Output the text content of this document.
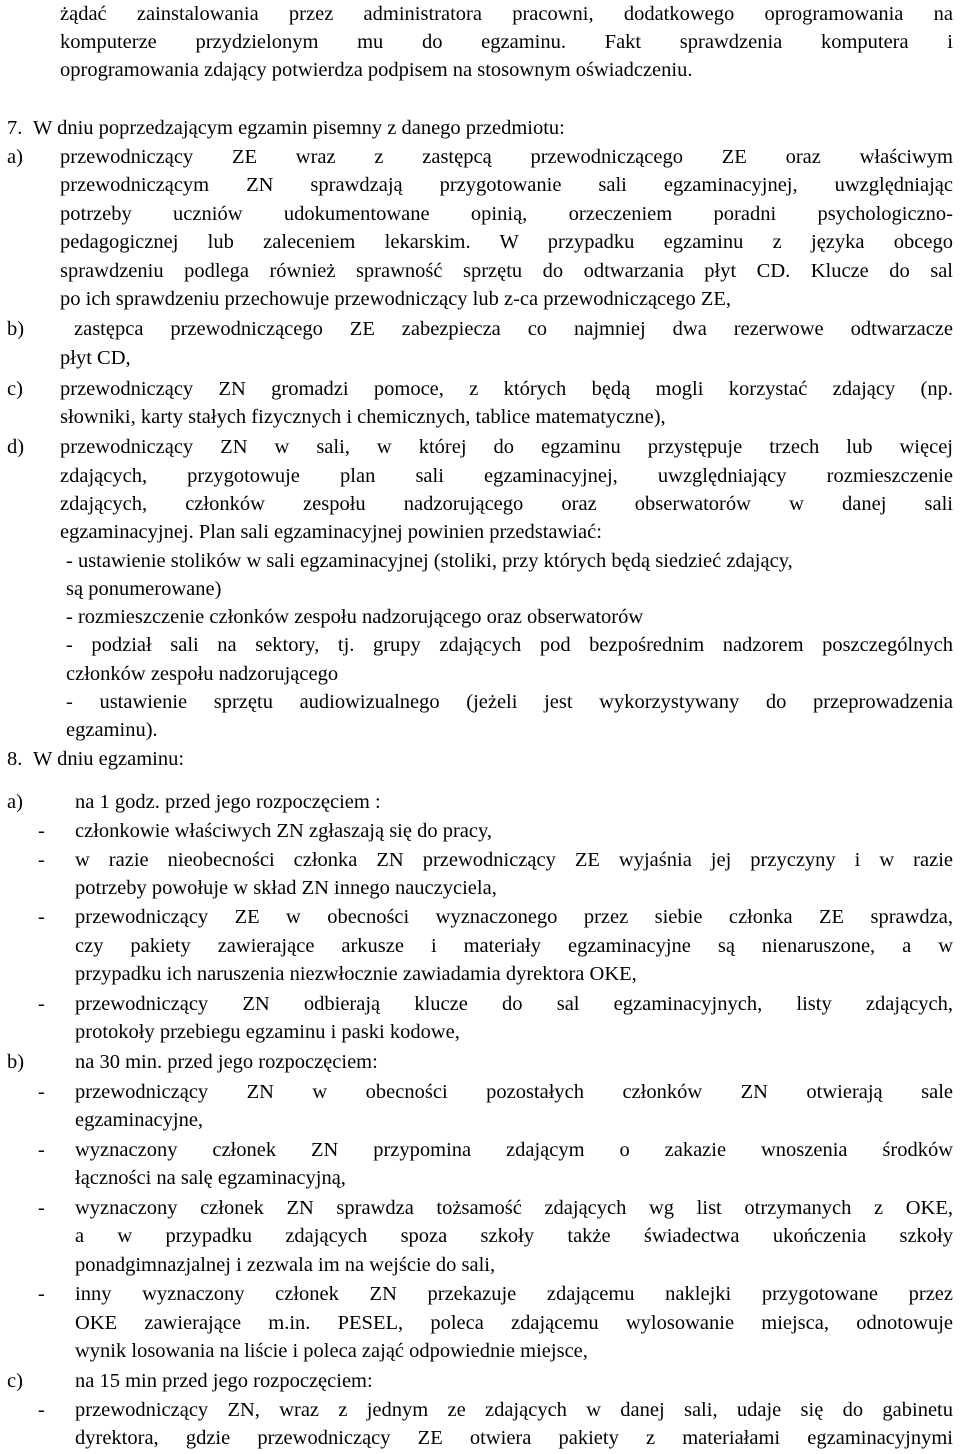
żądać zainstalowania przez administratora pracowni, dodatkowego oprogramowania na
komputerze przydzielonym mu do egzaminu. Fakt sprawdzenia komputera i
oprogramowania zdający potwierdza podpisem na stosownym oświadczeniu.
7. W dniu poprzedzającym egzamin pisemny z danego przedmiotu:
a) przewodniczący ZE wraz z zastępcą przewodniczącego ZE oraz właściwym
przewodniczącym ZN sprawdzają przygotowanie sali egzaminacyjnej, uwzględniając
potrzeby uczniów udokumentowane opinią, orzeczeniem poradni psychologiczno-
pedagogicznej lub zaleceniem lekarskim. W przypadku egzaminu z języka obcego
sprawdzeniu podlega również sprawność sprzętu do odtwarzania płyt CD. Klucze do sal
po ich sprawdzeniu przechowuje przewodniczący lub z-ca przewodniczącego ZE,
b) zastępca przewodniczącego ZE zabezpiecza co najmniej dwa rezerwowe odtwarzacze
płyt CD,
c) przewodniczący ZN gromadzi pomoce, z których będą mogli korzystać zdający (np.
słowniki, karty stałych fizycznych i chemicznych, tablice matematyczne),
d) przewodniczący ZN w sali, w której do egzaminu przystępuje trzech lub więcej
zdających, przygotowuje plan sali egzaminacyjnej, uwzględniający rozmieszczenie
zdających, członków zespołu nadzorującego oraz obserwatorów w danej sali
egzaminacyjnej. Plan sali egzaminacyjnej powinien przedstawiać:
- ustawienie stolików w sali egzaminacyjnej (stoliki, przy których będą siedzieć zdający,
są ponumerowane)
- rozmieszczenie członków zespołu nadzorującego oraz obserwatorów
- podział sali na sektory, tj. grupy zdających pod bezpośrednim nadzorem poszczególnych
członków zespołu nadzorującego
- ustawienie sprzętu audiowizualnego (jeżeli jest wykorzystywany do przeprowadzenia
egzaminu).
8. W dniu egzaminu:
a)	na 1 godz. przed jego rozpoczęciem :
- członkowie właściwych ZN zgłaszają się do pracy,
- w razie nieobecności członka ZN przewodniczący ZE wyjaśnia jej przyczyny i w razie
potrzeby powołuje w skład ZN innego nauczyciela,
- przewodniczący ZE w obecności wyznaczonego przez siebie członka ZE sprawdza,
czy pakiety zawierające arkusze i materiały egzaminacyjne są nienaruszone, a w
przypadku ich naruszenia niezwłocznie zawiadamia dyrektora OKE,
- przewodniczący ZN odbierają klucze do sal egzaminacyjnych, listy zdających,
protokoły przebiegu egzaminu i paski kodowe,
b) na 30 min. przed jego rozpoczęciem:
- przewodniczący ZN w obecności pozostałych członków ZN otwierają sale
egzaminacyjne,
- wyznaczony członek ZN przypomina zdającym o zakazie wnoszenia środków
łączności na salę egzaminacyjną,
- wyznaczony członek ZN sprawdza tożsamość zdających wg list otrzymanych z OKE,
a w przypadku zdających spoza szkoły także świadectwa ukończenia szkoły
ponadgimnazjalnej i zezwala im na wejście do sali,
- inny wyznaczony członek ZN przekazuje zdającemu naklejki przygotowane przez
OKE zawierające m.in. PESEL, poleca zdającemu wylosowanie miejsca, odnotowuje
wynik losowania na liście i poleca zająć odpowiednie miejsce,
c)	na 15 min przed jego rozpoczęciem:
- przewodniczący ZN, wraz z jednym ze zdających w danej sali, udaje się do gabinetu
dyrektora, gdzie przewodniczący ZE otwiera pakiety z materiałami egzaminacyjnymi
